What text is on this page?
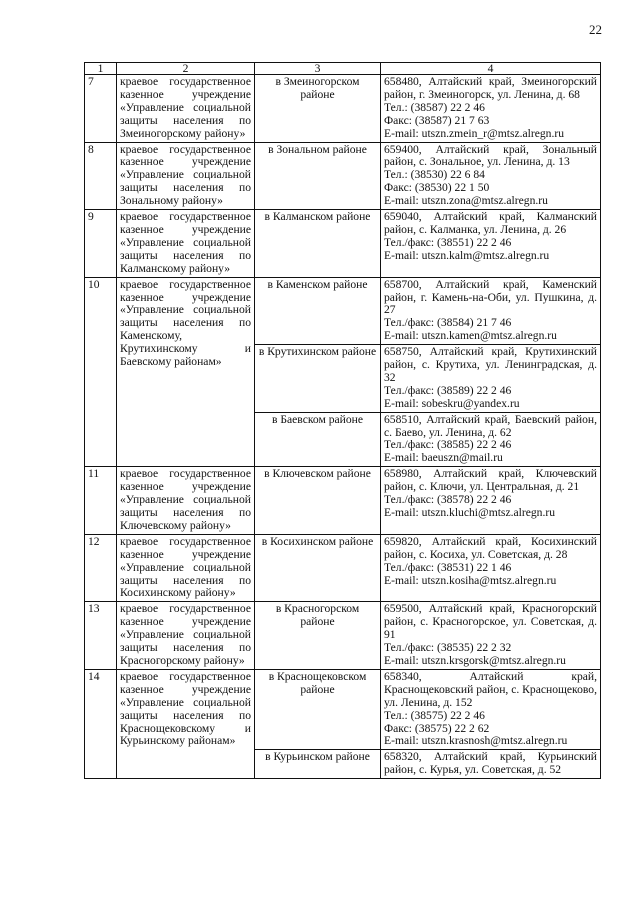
22
1	2	3	4
7	краевое государственное казенное учреждение «Управление социальной защиты населения по Змеиногорскому району»	в Змеиногорском районе	658480, Алтайский край, Змеиногорский район, г. Змеиногорск, ул. Ленина, д. 68
Тел.: (38587) 22 2 46
Факс: (38587) 21 7 63
E-mail: utszn.zmein_r@mtsz.alregn.ru

8	краевое государственное казенное учреждение «Управление социальной защиты населения по Зональному району»	в Зональном районе	659400, Алтайский край, Зональный район, с. Зональное, ул. Ленина, д. 13
Тел.: (38530) 22 6 84
Факс: (38530) 22 1 50
E-mail: utszn.zona@mtsz.alregn.ru

9	краевое государственное казенное учреждение «Управление социальной защиты населения по Калманскому району»	в Калманском районе	659040, Алтайский край, Калманский район, с. Калманка, ул. Ленина, д. 26
Тел./факс: (38551) 22 2 46
E-mail: utszn.kalm@mtsz.alregn.ru

10	краевое государственное казенное учреждение «Управление социальной защиты населения по Каменскому, Крутихинскому и Баевскому районам»	в Каменском районе	658700, Алтайский край, Каменский район, г. Камень-на-Оби, ул. Пушкина, д. 27
Тел./факс: (38584) 21 7 46
E-mail: utszn.kamen@mtsz.alregn.ru

		в Крутихинском районе	658750, Алтайский край, Крутихинский район, с. Крутиха, ул. Ленинградская, д. 32
Тел./факс: (38589) 22 2 46
E-mail: sobeskru@yandex.ru

		в Баевском районе	658510, Алтайский край, Баевский район, с. Баево, ул. Ленина, д. 62
Тел./факс: (38585) 22 2 46
E-mail: baeuszn@mail.ru

11	краевое государственное казенное учреждение «Управление социальной защиты населения по Ключевскому району»	в Ключевском районе	658980, Алтайский край, Ключевский район, с. Ключи, ул. Центральная, д. 21
Тел./факс: (38578) 22 2 46
E-mail: utszn.kluchi@mtsz.alregn.ru

12	краевое государственное казенное учреждение «Управление социальной защиты населения по Косихинскому району»	в Косихинском районе	659820, Алтайский край, Косихинский район, с. Косиха, ул. Советская, д. 28
Тел./факс: (38531) 22 1 46
E-mail: utszn.kosiha@mtsz.alregn.ru

13	краевое государственное казенное учреждение «Управление социальной защиты населения по Красногорскому району»	в Красногорском районе	659500, Алтайский край, Красногорский район, с. Красногорское, ул. Советская, д. 91
Тел./факс: (38535) 22 2 32
E-mail: utszn.krsgorsk@mtsz.alregn.ru

14	краевое государственное казенное учреждение «Управление социальной защиты населения по Краснощековскому и Курьинскому районам»	в Краснощековском районе	658340, Алтайский край, Краснощековский район, с. Краснощеково, ул. Ленина, д. 152
Тел.: (38575) 22 2 46
Факс: (38575) 22 2 62
E-mail: utszn.krasnosh@mtsz.alregn.ru

		в Курьинском районе	658320, Алтайский край, Курьинский район, с. Курья, ул. Советская, д. 52
